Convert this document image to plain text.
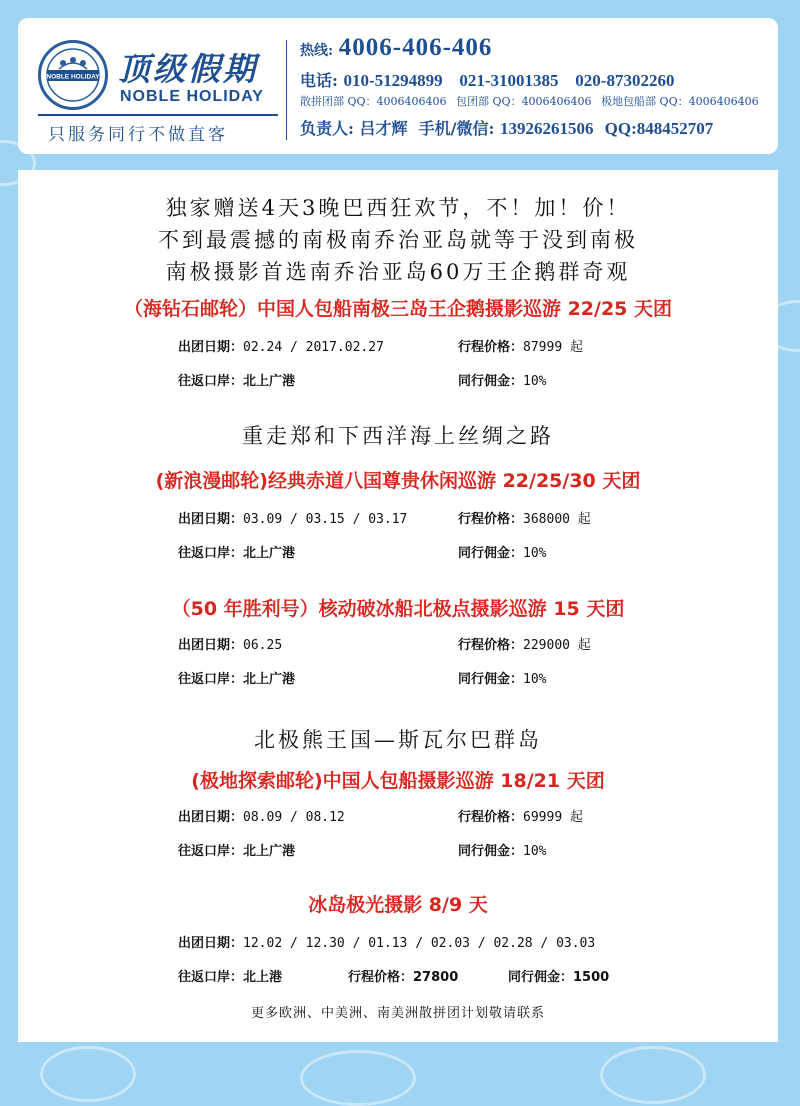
NOBLE HOLIDAY 顶级假期
NOBLE HOLIDAY
只服务同行不做直客
热线: 4006-406-406
电话: 010-51294899 021-31001385 020-87302260
散拼团部 QQ：4006406406 包团部 QQ：4006406406 极地包船部 QQ：4006406406
负责人: 吕才辉 手机/微信: 13926261506 QQ:848452707
独家赠送4天3晚巴西狂欢节，不！加！价！
不到最震撼的南极南乔治亚岛就等于没到南极
南极摄影首选南乔治亚岛60万王企鹅群奇观
（海钻石邮轮）中国人包船南极三岛王企鹅摄影巡游 22/25 天团
出团日期：02.24 / 2017.02.27	行程价格：87999 起
往返口岸：北上广港	同行佣金：10%
重走郑和下西洋海上丝绸之路
(新浪漫邮轮)经典赤道八国尊贵休闲巡游 22/25/30 天团
出团日期：03.09 / 03.15 / 03.17	行程价格：368000 起
往返口岸：北上广港	同行佣金：10%
（50 年胜利号）核动破冰船北极点摄影巡游 15 天团
出团日期：06.25	行程价格：229000 起
往返口岸：北上广港	同行佣金：10%
北极熊王国—斯瓦尔巴群岛
(极地探索邮轮)中国人包船摄影巡游 18/21 天团
出团日期：08.09 / 08.12	行程价格：69999 起
往返口岸：北上广港	同行佣金：10%
冰岛极光摄影 8/9 天
出团日期：12.02 / 12.30 / 01.13 / 02.03 / 02.28 / 03.03
往返口岸：北上港	行程价格：27800	同行佣金：1500
更多欧洲、中美洲、南美洲散拼团计划敬请联系
